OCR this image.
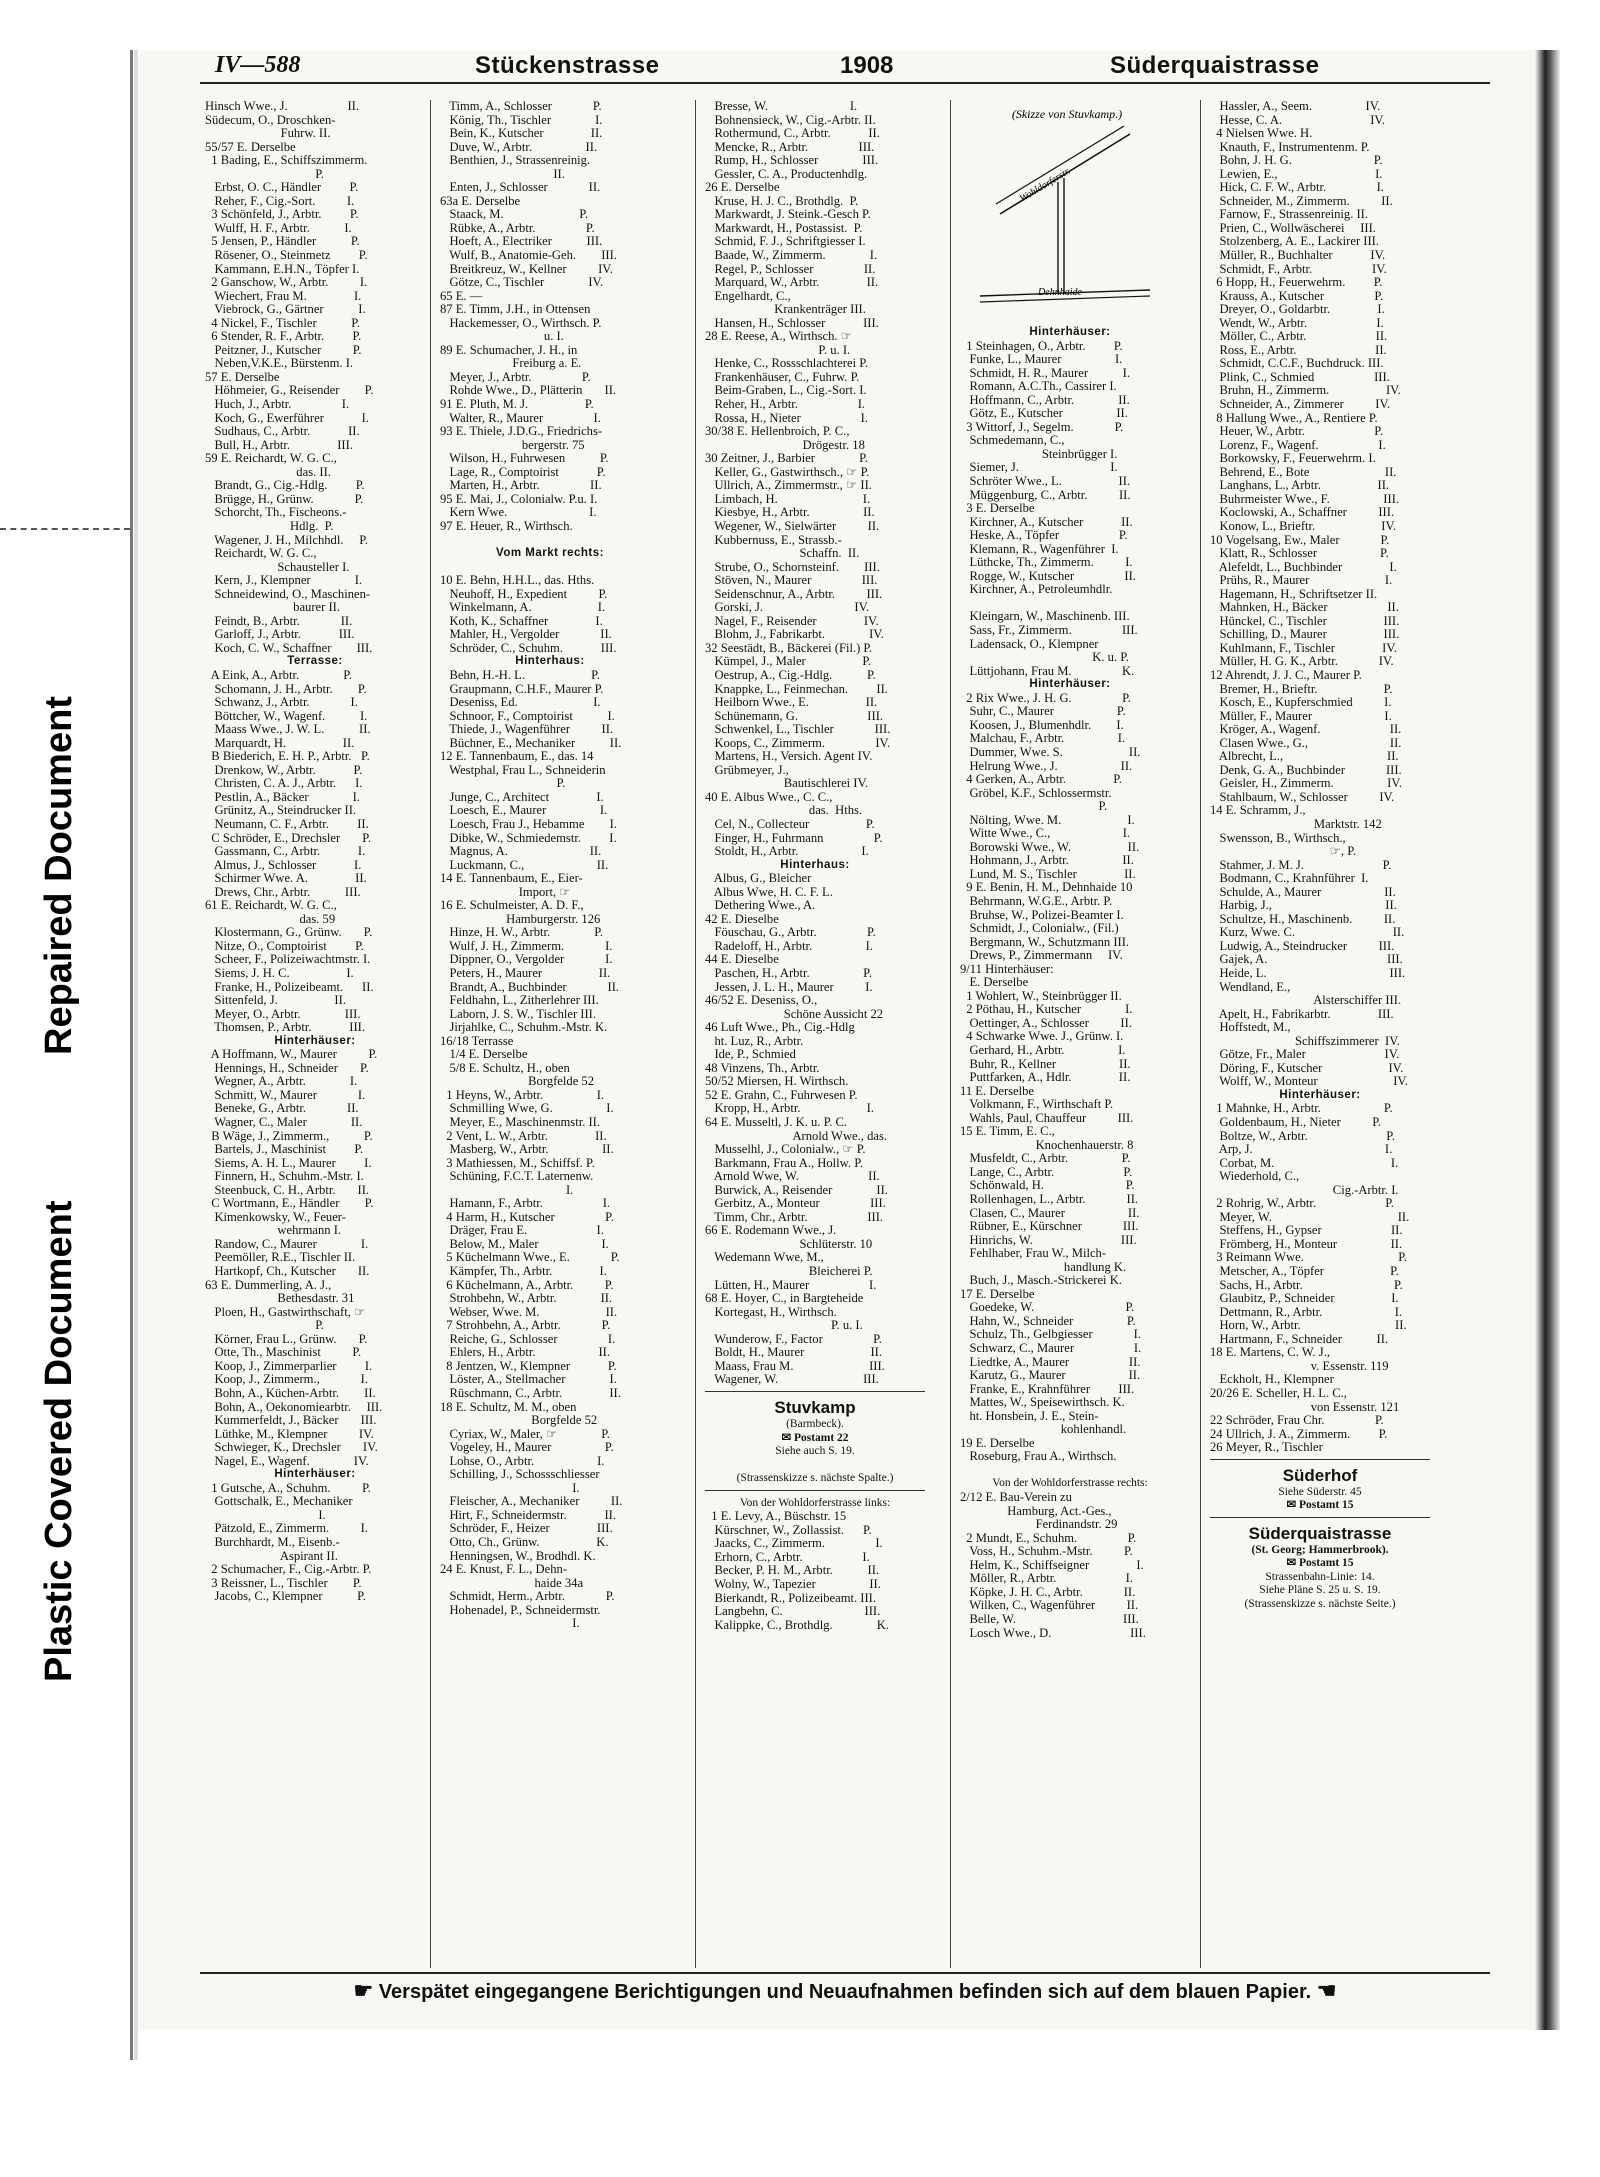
Repaired Document
Plastic Covered Document
IV—588	Stückenstrasse	1908	Süderquaistrasse
Hinsch Wwe., J.                   II.
Südecum, O., Droschken-
Fuhrw. II.
55/57 E. Derselbe
1 Bading, E., Schiffszimmerm.
P.
Erbst, O. C., Händler         P.
Reher, F., Cig.-Sort.          I.
3 Schönfeld, J., Arbtr.         P.
Wulff, H. F., Arbtr.           I.
5 Jensen, P., Händler           P.
Rösener, O., Steinmetz         P.
Kammann, E.H.N., Töpfer I.
2 Ganschow, W., Arbtr.          I.
Wiechert, Frau M.               I.
Viebrock, G., Gärtner           I.
4 Nickel, F., Tischler           P.
6 Stender, R. F., Arbtr.         P.
Peitzner, J., Kutscher          P.
Neben,V.K.E., Bürstenm. I.
57 E. Derselbe
Höhmeier, G., Reisender        P.
Huch, J., Arbtr.                I.
Koch, G., Ewerführer            I.
Sudhaus, C., Arbtr.            II.
Bull, H., Arbtr.               III.
59 E. Reichardt, W. G. C.,
das. II.
Brandt, G., Cig.-Hdlg.         P.
Brügge, H., Grünw.             P.
Schorcht, Th., Fischeons.-
Hdlg.  P.
Wagener, J. H., Milchhdl.     P.
Reichardt, W. G. C.,
Schausteller I.
Kern, J., Klempner              I.
Schneidewind, O., Maschinen-
baurer II.
Feindt, B., Arbtr.             II.
Garloff, J., Arbtr.            III.
Koch, C. W., Schaffner        III.
Terrasse:
A Eink, A., Arbtr.              P.
Schomann, J. H., Arbtr.        P.
Schwanz, J., Arbtr.             I.
Böttcher, W., Wagenf.           I.
Maass Wwe., J. W. L.           II.
Marquardt, H.                  II.
B Biederich, E. H. P., Arbtr.   P.
Drenkow, W., Arbtr.            P.
Christen, C. A. J., Arbtr.      I.
Pestlin, A., Bäcker              I.
Grünitz, A., Steindrucker II.
Neumann, C. F., Arbtr.         II.
C Schröder, E., Drechsler       P.
Gassmann, C., Arbtr.            I.
Almus, J., Schlosser            I.
Schirmer Wwe. A.               II.
Drews, Chr., Arbtr.           III.
61 E. Reichardt, W. G. C.,
das. 59
Klostermann, G., Grünw.       P.
Nitze, O., Comptoirist         P.
Scheer, F., Polizeiwachtmstr. I.
Siems, J. H. C.                  I.
Franke, H., Polizeibeamt.      II.
Sittenfeld, J.                  II.
Meyer, O., Arbtr.              III.
Thomsen, P., Arbtr.            III.
Hinterhäuser:
A Hoffmann, W., Maurer          P.
Hennings, H., Schneider       P.
Wegner, A., Arbtr.              I.
Schmitt, W., Maurer             I.
Beneke, G., Arbtr.             II.
Wagner, C., Maler              II.
B Wäge, J., Zimmerm.,           P.
Bartels, J., Maschinist         P.
Siems, A. H. L., Maurer         I.
Finnern, H., Schuhm.-Mstr. I.
Steenbuck, C. H., Arbtr.       II.
C Wortmann, E., Händler        P.
Kimenkowsky, W., Feuer-
wehrmann I.
Randow, C., Maurer              I.
Peemöller, R.E., Tischler II.
Hartkopf, Ch., Kutscher       II.
63 E. Dummerling, A. J.,
Bethesdastr. 31
Ploen, H., Gastwirthschaft, ☞
P.
Körner, Frau L., Grünw.       P.
Otte, Th., Maschinist          P.
Koop, J., Zimmerparlier         I.
Koop, J., Zimmerm.,             I.
Bohn, A., Küchen-Arbtr.        II.
Bohn, A., Oekonomiearbtr.     III.
Kummerfeldt, J., Bäcker       III.
Lüthke, M., Klempner          IV.
Schwieger, K., Drechsler       IV.
Nagel, E., Wagenf.              IV.
Hinterhäuser:
1 Gutsche, A., Schuhm.          P.
Gottschalk, E., Mechaniker
I.
Pätzold, E., Zimmerm.          I.
Burchhardt, M., Eisenb.-
Aspirant II.
2 Schumacher, F., Cig.-Arbtr. P.
3 Reissner, L., Tischler        P.
Jacobs, C., Klempner           P.
Timm, A., Schlosser             P.
König, Th., Tischler              I.
Bein, K., Kutscher               II.
Duve, W., Arbtr.                 II.
Benthien, J., Strassenreinig.
II.
Enten, J., Schlosser             II.
63a E. Derselbe
Staack, M.                        P.
Rübke, A., Arbtr.                P.
Hoeft, A., Electriker           III.
Wulf, B., Anatomie-Geh.        III.
Breitkreuz, W., Kellner          IV.
Götze, C., Tischler              IV.
65 E. —
87 E. Timm, J.H., in Ottensen
Hackemesser, O., Wirthsch. P.
u. I.
89 E. Schumacher, J. H., in
Freiburg a. E.
Meyer, J., Arbtr.                P.
Rohde Wwe., D., Plätterin       II.
91 E. Pluth, M. J.                  P.
Walter, R., Maurer                I.
93 E. Thiele, J.D.G., Friedrichs-
bergerstr. 75
Wilson, H., Fuhrwesen           P.
Lage, R., Comptoirist            P.
Marten, H., Arbtr.                II.
95 E. Mai, J., Colonialw. P.u. I.
Kern Wwe.                          I.
97 E. Heuer, R., Wirthsch.
Vom Markt rechts:
10 E. Behn, H.H.L., das. Hths.
Neuhoff, H., Expedient          P.
Winkelmann, A.                     I.
Koth, K., Schaffner               I.
Mahler, H., Vergolder             II.
Schröder, C., Schuhm.            III.
Hinterhaus:
Behn, H.-H. L.                     P.
Graupmann, C.H.F., Maurer P.
Deseniss, Ed.                        I.
Schnoor, F., Comptoirist           I.
Thiede, J., Wagenführer          II.
Büchner, E., Mechaniker           II.
12 E. Tannenbaum, E., das. 14
Westphal, Frau L., Schneiderin
P.
Junge, C., Architect               I.
Loesch, E., Maurer                 I.
Loesch, Frau J., Hebamme        I.
Dibke, W., Schmiedemstr.         I.
Magnus, A.                          II.
Luckmann, C.,                       II.
14 E. Tannenbaum, E., Eier-
Import, ☞
16 E. Schulmeister, A. D. F.,
Hamburgerstr. 126
Hinze, H. W., Arbtr.              P.
Wulf, J. H., Zimmerm.             I.
Dippner, O., Vergolder             I.
Peters, H., Maurer                  II.
Brandt, A., Buchbinder             II.
Feldhahn, L., Zitherlehrer III.
Laborn, J. S. W., Tischler III.
Jirjahlke, C., Schuhm.-Mstr. K.
16/18 Terrasse
1/4 E. Derselbe
5/8 E. Schultz, H., oben
Borgfelde 52
1 Heyns, W., Arbtr.                 I.
Schmilling Wwe, G.                 I.
Meyer, E., Maschinenmstr. II.
2 Vent, L. W., Arbtr.               II.
Masberg, W., Arbtr.                 II.
3 Mathiessen, M., Schiffsf. P.
Schüning, F.C.T. Laternenw.
I.
Hamann, F., Arbtr.                   I.
4 Harm, H., Kutscher                P.
Dräger, Frau E.                      I.
Below, M., Maler                    I.
5 Küchelmann Wwe., E.             P.
Kämpfer, Th., Arbtr.               I.
6 Küchelmann, A., Arbtr.          P.
Strohbehn, W., Arbtr.              II.
Webser, Wwe. M.                     II.
7 Strohbehn, A., Arbtr.             P.
Reiche, G., Schlosser                I.
Ehlers, H., Arbtr.                    II.
8 Jentzen, W., Klempner            P.
Löster, A., Stellmacher              I.
Rüschmann, C., Arbtr.               II.
18 E. Schultz, M. M., oben
Borgfelde 52
Cyriax, W., Maler, ☞              P.
Vogeley, H., Maurer                 P.
Lohse, O., Arbtr.                    I.
Schilling, J., Schossschliesser
I.
Fleischer, A., Mechaniker          II.
Hirt, F., Schneidermstr.            II.
Schröder, F., Heizer               III.
Otto, Ch., Grünw.                  K.
Henningsen, W., Brodhdl. K.
24 E. Knust, F. L., Dehn-
haide 34a
Schmidt, Herm., Arbtr.             P.
Hohenadel, P., Schneidermstr.
I.
Bresse, W.                          I.
Bohnensieck, W., Cig.-Arbtr. II.
Rothermund, C., Arbtr.            II.
Mencke, R., Arbtr.                III.
Rump, H., Schlosser              III.
Gessler, C. A., Productenhdlg.
26 E. Derselbe
Kruse, H. J. C., Brothdlg.  P.
Markwardt, J. Steink.-Gesch P.
Markwardt, H., Postassist.  P.
Schmid, F. J., Schriftgiesser I.
Baade, W., Zimmerm.              I.
Regel, P., Schlosser                II.
Marquard, W., Arbtr.               II.
Engelhardt, C.,
Krankenträger III.
Hansen, H., Schlosser            III.
28 E. Reese, A., Wirthsch. ☞
P. u. I.
Henke, C., Rossschlachterei P.
Frankenhäuser, C., Fuhrw. P.
Beim-Graben, L., Cig.-Sort. I.
Reher, H., Arbtr.                   I.
Rossa, H., Nieter                   I.
30/38 E. Hellenbroich, P. C.,
Drögestr. 18
30 Zeitner, J., Barbier              P.
Keller, G., Gastwirthsch., ☞ P.
Ullrich, A., Zimmermstr., ☞ II.
Limbach, H.                           I.
Kiesbye, H., Arbtr.                 II.
Wegener, W., Sielwärter          II.
Kubbernuss, E., Strassb.-
Schaffn.  II.
Strube, O., Schornsteinf.        III.
Stöven, N., Maurer                III.
Seidenschnur, A., Arbtr.          III.
Gorski, J.                             IV.
Nagel, F., Reisender               IV.
Blohm, J., Fabrikarbt.              IV.
32 Seestädt, B., Bäckerei (Fil.) P.
Kümpel, J., Maler                  P.
Oestrup, A., Cig.-Hdlg.           P.
Knappke, L., Feinmechan.         II.
Heilborn Wwe., E.                  II.
Schünemann, G.                      III.
Schwenkel, L., Tischler             III.
Koops, C., Zimmerm.                IV.
Martens, H., Versich. Agent IV.
Grübmeyer, J.,
Bautischlerei IV.
40 E. Albus Wwe., C. C.,
das.  Hths.
Cel, N., Collecteur                  P.
Finger, H., Fuhrmann                P.
Stoldt, H., Arbtr.                    I.
Hinterhaus:
Albus, G., Bleicher
Albus Wwe, H. C. F. L.
Dethering Wwe., A.
42 E. Dieselbe
Föuschau, G., Arbtr.                P.
Radeloff, H., Arbtr.                 I.
44 E. Dieselbe
Paschen, H., Arbtr.                 P.
Jessen, J. L. H., Maurer          I.
46/52 E. Deseniss, O.,
Schöne Aussicht 22
46 Luft Wwe., Ph., Cig.-Hdlg
ht. Luz, R., Arbtr.
Ide, P., Schmied
48 Vinzens, Th., Arbtr.
50/52 Miersen, H. Wirthsch.
52 E. Grahn, C., Fuhrwesen P.
Kropp, H., Arbtr.                     I.
64 E. Musseltl, J. K. u. P. C.
Arnold Wwe., das.
Musselhl, J., Colonialw., ☞ P.
Barkmann, Frau A., Hollw. P.
Arnold Wwe, W.                      II.
Burwick, A., Reisender              II.
Gerbitz, A., Monteur                III.
Timm, Chr., Arbtr.                   III.
66 E. Rodemann Wwe., J.
Schlüterstr. 10
Wedemann Wwe, M.,
Bleicherei P.
Lütten, H., Maurer                   I.
68 E. Hoyer, C., in Bargteheide
Kortegast, H., Wirthsch.
P. u. I.
Wunderow, F., Factor                P.
Boldt, H., Maurer                     II.
Maass, Frau M.                        III.
Wagener, W.                           III.
Stuvkamp
(Barmbeck).
✉ Postamt 22
Siehe auch S. 19.
(Strassenskizze s. nächste Spalte.)
Von der Wohldorferstrasse links:
1 E. Levy, A., Büschstr. 15
Kürschner, W., Zollassist.      P.
Jaacks, C., Zimmerm.                I.
Erhorn, C., Arbtr.                   I.
Becker, P. H. M., Arbtr.           II.
Wolny, W., Tapezier                 II.
Bierkandt, R., Polizeibeamt. III.
Langbehn, C.                          III.
Kalippke, C., Brothdlg.              K.
(Skizze von Stuvkamp.)
Wohldorferstr.
Dehnhaide
Hinterhäuser:
1 Steinhagen, O., Arbtr.         P.
Funke, L., Maurer                 I.
Schmidt, H. R., Maurer           I.
Romann, A.C.Th., Cassirer I.
Hoffmann, C., Arbtr.              II.
Götz, E., Kutscher                 II.
3 Wittorf, J., Segelm.             P.
Schmedemann, C.,
Steinbrügger I.
Siemer, J.                             I.
Schröter Wwe., L.                  II.
Müggenburg, C., Arbtr.          II.
3 E. Derselbe
Kirchner, A., Kutscher            II.
Heske, A., Töpfer                   P.
Klemann, R., Wagenführer  I.
Lüthcke, Th., Zimmerm.          I.
Rogge, W., Kutscher                II.
Kirchner, A., Petroleumhdlr.
Kleingarn, W., Maschinenb. III.
Sass, Fr., Zimmerm.                III.
Ladensack, O., Klempner
K. u. P.
Lüttjohann, Frau M.                K.
Hinterhäuser:
2 Rix Wwe., J. H. G.                P.
Suhr, C., Maurer                    P.
Koosen, J., Blumenhdlr.        I.
Malchau, F., Arbtr.                 I.
Dummer, Wwe. S.                     II.
Helrung Wwe., J.                    II.
4 Gerken, A., Arbtr.               P.
Gröbel, K.F., Schlossermstr.
P.
Nölting, Wwe. M.                     I.
Witte Wwe., C.,                       I.
Borowski Wwe., W.                  II.
Hohmann, J., Arbtr.                 II.
Lund, M. S., Tischler               II.
9 E. Benin, H. M., Dehnhaide 10
Behrmann, W.G.E., Arbtr. P.
Bruhse, W., Polizei-Beamter I.
Schmidt, J., Colonialw., (Fil.)
Bergmann, W., Schutzmann III.
Drews, P., Zimmermann     IV.
9/11 Hinterhäuser:
E. Derselbe
1 Wohlert, W., Steinbrügger II.
2 Pöthau, H., Kutscher              I.
Oettinger, A., Schlosser          II.
4 Schwarke Wwe. J., Grünw. I.
Gerhard, H., Arbtr.                 I.
Buhr, R., Kellner                    II.
Puttfarken, A., Hdlr.               II.
11 E. Derselbe
Volkmann, F., Wirthschaft P.
Wahls, Paul, Chauffeur          III.
15 E. Timm, E. C.,
Knochenhauerstr. 8
Musfeldt, C., Arbtr.                 P.
Lange, C., Arbtr.                      P.
Schönwald, H.                          P.
Rollenhagen, L., Arbtr.             II.
Clasen, C., Maurer                    II.
Rübner, E., Kürschner             III.
Hinrichs, W.                            III.
Fehlhaber, Frau W., Milch-
handlung K.
Buch, J., Masch.-Strickerei K.
17 E. Derselbe
Goedeke, W.                             P.
Hahn, W., Schneider                 P.
Schulz, Th., Gelbgiesser             I.
Schwarz, C., Maurer                   I.
Liedtke, A., Maurer                   II.
Karutz, G., Maurer                    II.
Franke, E., Krahnführer         III.
Mattes, W., Speisewirthsch. K.
ht. Honsbein, J. E., Stein-
kohlenhandl.
19 E. Derselbe
Roseburg, Frau A., Wirthsch.
Von der Wohldorferstrasse rechts:
2/12 E. Bau-Verein zu
Hamburg, Act.-Ges.,
Ferdinandstr. 29
2 Mundt, E., Schuhm.                P.
Voss, H., Schuhm.-Mstr.          P.
Helm, K., Schiffseigner               I.
Möller, R., Arbtr.                      I.
Köpke, J. H. C., Arbtr.             II.
Wilken, C., Wagenführer          II.
Belle, W.                                  III.
Losch Wwe., D.                         III.
Hassler, A., Seem.                 IV.
Hesse, C. A.                            IV.
4 Nielsen Wwe. H.
Knauth, F., Instrumentenm. P.
Bohn, J. H. G.                          P.
Lewien, E.,                               I.
Hick, C. F. W., Arbtr.                I.
Schneider, M., Zimmerm.          II.
Farnow, F., Strassenreinig. II.
Prien, C., Wollwäscherei     III.
Stolzenberg, A. E., Lackirer III.
Müller, R., Buchhalter            IV.
Schmidt, F., Arbtr.                   IV.
6 Hopp, H., Feuerwehrm.         P.
Krauss, A., Kutscher                P.
Dreyer, O., Goldarbtr.               I.
Wendt, W., Arbtr.                      I.
Möller, C., Arbtr.                      II.
Ross, E., Arbtr.                         II.
Schmidt, C.C.F., Buchdruck. III.
Plink, C., Schmied                   III.
Bruhn, H., Zimmerm.                  IV.
Schneider, A., Zimmerer          IV.
8 Hallung Wwe., A., Rentiere P.
Heuer, W., Arbtr.                      P.
Lorenz, F., Wagenf.                   I.
Borkowsky, F., Feuerwehrm. I.
Behrend, E., Bote                        II.
Langhans, L., Arbtr.                  II.
Buhrmeister Wwe., F.                 III.
Koclowski, A., Schaffner          III.
Konow, L., Brieftr.                     IV.
10 Vogelsang, Ew., Maler             P.
Klatt, R., Schlosser                    P.
Alefeldt, L., Buchbinder               I.
Prühs, R., Maurer                        I.
Hagemann, H., Schriftsetzer II.
Mahnken, H., Bäcker                   II.
Hünckel, C., Tischler                  III.
Schilling, D., Maurer                  III.
Kuhlmann, F., Tischler               IV.
Müller, H. G. K., Arbtr.             IV.
12 Ahrendt, J. J. C., Maurer P.
Bremer, H., Brieftr.                     P.
Kosch, E., Kupferschmied          I.
Müller, F., Maurer                       I.
Kröger, A., Wagenf.                      II.
Clasen Wwe., G.,                          II.
Albrecht, L.,                                 II.
Denk, G. A., Buchbinder             III.
Geisler, H., Zimmerm.                 IV.
Stahlbaum, W., Schlosser          IV.
14 E. Schramm, J.,
Marktstr. 142
Swensson, B., Wirthsch.,
☞, P.
Stahmer, J. M. J.                         P.
Bodmann, C., Krahnführer  I.
Schulde, A., Maurer                    II.
Harbig, J.,                                    II.
Schultze, H., Maschinenb.          II.
Kurz, Wwe. C.                               II.
Ludwig, A., Steindrucker          III.
Gajek, A.                                      III.
Heide, L.                                       III.
Wendland, E.,
Alsterschiffer III.
Apelt, H., Fabrikarbtr.               III.
Hoffstedt, M.,
Schiffszimmerer  IV.
Götze, Fr., Maler                         IV.
Döring, F., Kutscher                     IV.
Wolff, W., Monteur                        IV.
Hinterhäuser:
1 Mahnke, H., Arbtr.                    P.
Goldenbaum, H., Nieter          P.
Boltze, W., Arbtr.                         P.
Arp, J.                                          I.
Corbat, M.                                     I.
Wiederhold, C.,
Cig.-Arbtr. I.
2 Rohrig, W., Arbtr.                      P.
Meyer, W.                                        II.
Steffens, H., Gypser                      II.
Frömberg, H., Monteur                 II.
3 Reimann Wwe.                              P.
Metscher, A., Töpfer                     P.
Sachs, H., Arbtr.                             P.
Glaubitz, P., Schneider                  I.
Dettmann, R., Arbtr.                       I.
Horn, W., Arbtr.                              II.
Hartmann, F., Schneider           II.
18 E. Martens, C. W. J.,
v. Essenstr. 119
Eckholt, H., Klempner
20/26 E. Scheller, H. L. C.,
von Essenstr. 121
22 Schröder, Frau Chr.                P.
24 Ullrich, J. A., Zimmerm.         P.
26 Meyer, R., Tischler
Süderhof
Siehe Süderstr. 45
✉ Postamt 15
Süderquaistrasse
(St. Georg; Hammerbrook).
✉ Postamt 15
Strassenbahn-Linie: 14.
Siehe Pläne S. 25 u. S. 19.
(Strassenskizze s. nächste Seite.)
☛ Verspätet eingegangene Berichtigungen und Neuaufnahmen befinden sich auf dem blauen Papier. ☚
